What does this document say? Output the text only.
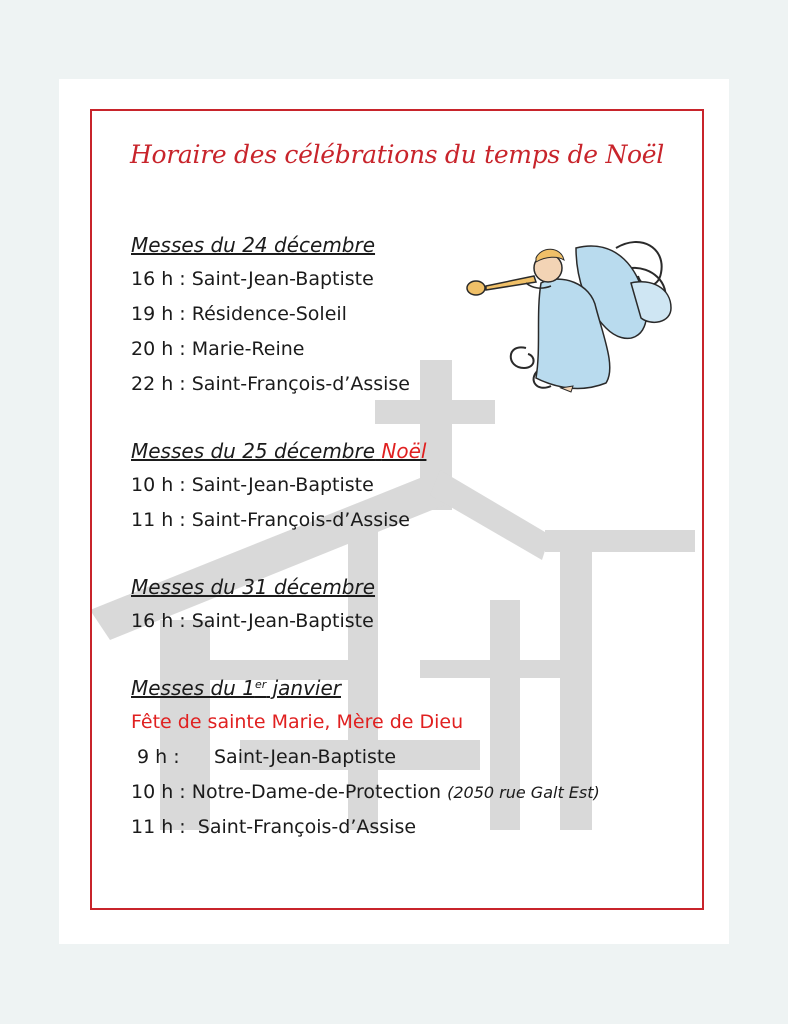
Horaire des célébrations du temps de Noël
Messes du 24 décembre
16 h : Saint-Jean-Baptiste
19 h : Résidence-Soleil
20 h : Marie-Reine
22 h : Saint-François-d’Assise
Messes du 25 décembre Noël
10 h : Saint-Jean-Baptiste
11 h : Saint-François-d’Assise
Messes du 31 décembre
16 h : Saint-Jean-Baptiste
Messes du 1er janvier
Fête de sainte Marie, Mère de Dieu
9 h : Saint-Jean-Baptiste
10 h : Notre-Dame-de-Protection (2050 rue Galt Est)
11 h : Saint-François-d’Assise
